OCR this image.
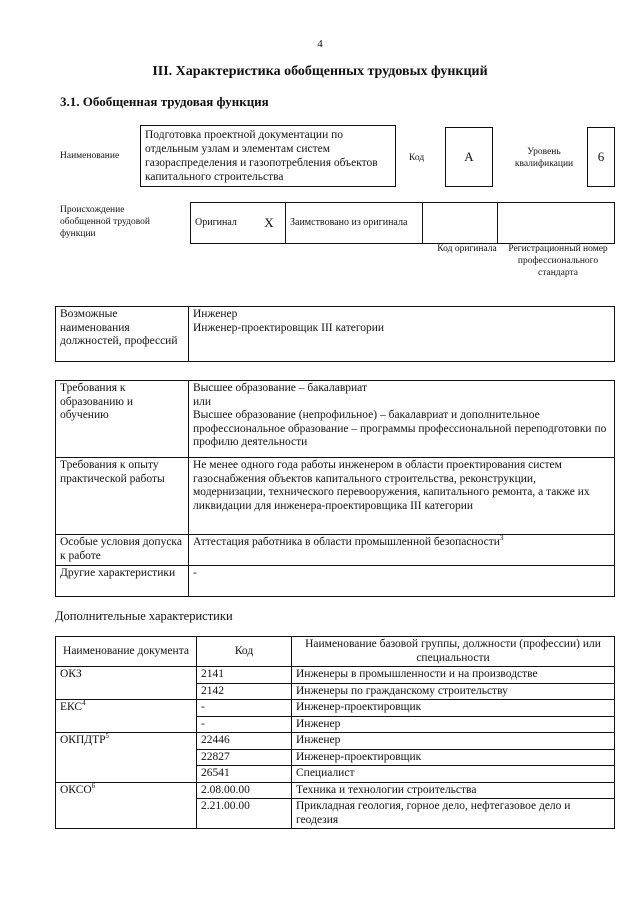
4
III. Характеристика обобщенных трудовых функций
3.1. Обобщенная трудовая функция
Наименование
Подготовка проектной документации по отдельным узлам и элементам систем газораспределения и газопотребления объектов капитального строительства
Код	A	Уровень квалификации	6
Происхождение обобщенной трудовой функции
Оригинал	X	Заимствовано из оригинала		
Код оригинала	Регистрационный номер профессионального стандарта
Возможные наименования должностей, профессий	
Инженер
Инженер-проектировщик III категории
Требования к образованию и обучению	Высшее образование – бакалавриат
или
Высшее образование (непрофильное) – бакалавриат и дополнительное профессиональное образование – программы профессиональной переподготовки по профилю деятельности

Требования к опыту практической работы	Не менее одного года работы инженером в области проектирования систем газоснабжения объектов капитального строительства, реконструкции, модернизации, технического перевооружения, капитального ремонта, а также их ликвидации для инженера-проектировщика III категории
Особые условия допуска к работе	Аттестация работника в области промышленной безопасности$^3$
Другие характеристики	-
Дополнительные характеристики
Наименование документа	Код	Наименование базовой группы, должности (профессии) или специальности
ОКЗ	2141	Инженеры в промышленности и на производстве
	2142	Инженеры по гражданскому строительству
ЕКС$^4$	-	Инженер-проектировщик
	-	Инженер
ОКПДТР$^5$	22446	Инженер
	22827	Инженер-проектировщик
	26541	Специалист
ОКСО$^6$	2.08.00.00	Техника и технологии строительства
	2.21.00.00	Прикладная геология, горное дело, нефтегазовое дело и геодезия
